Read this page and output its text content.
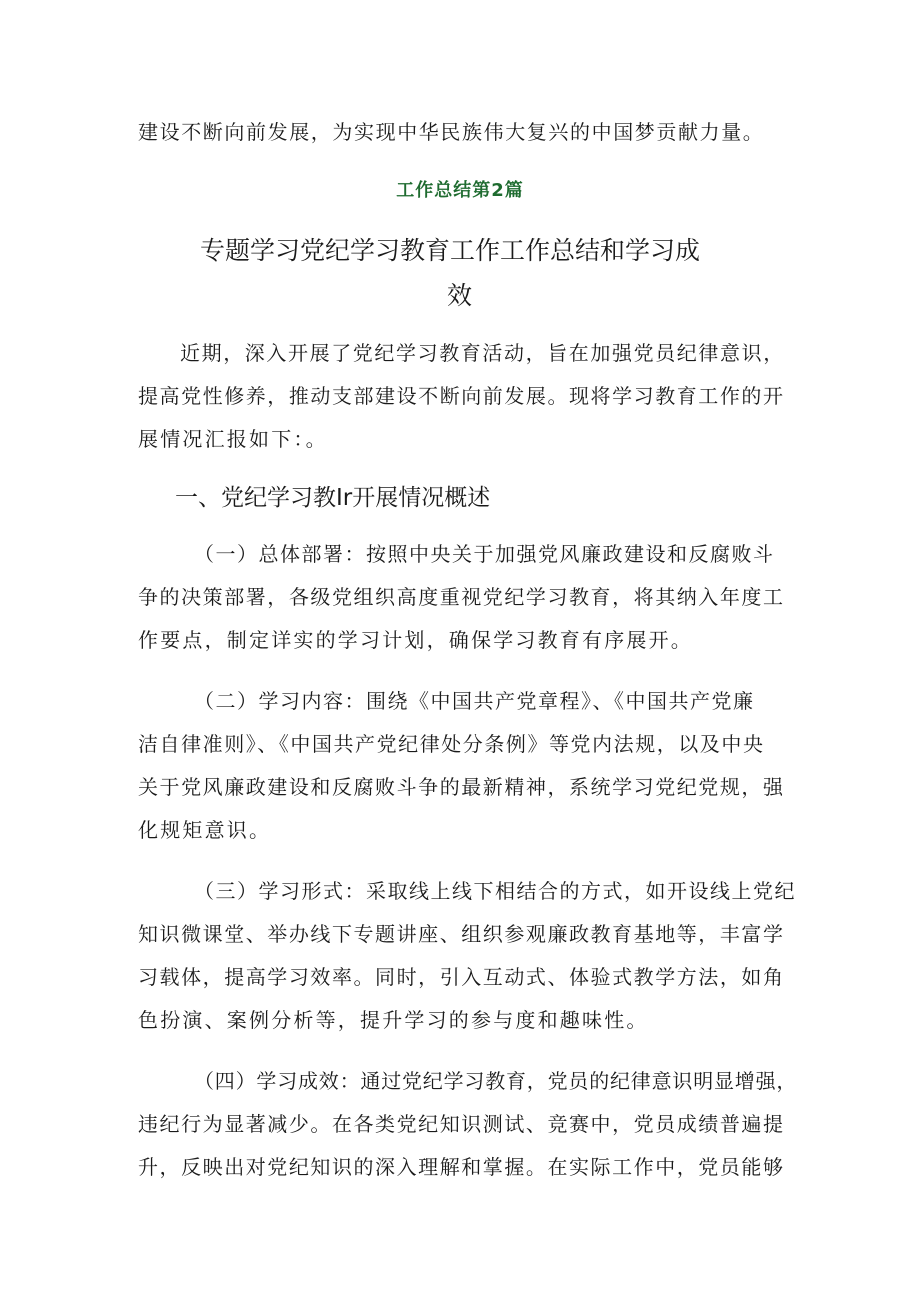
建设不断向前发展，为实现中华民族伟大复兴的中国梦贡献力量。
工作总结第2篇
专题学习党纪学习教育工作工作总结和学习成
效
近期，深入开展了党纪学习教育活动，旨在加强党员纪律意识，
提高党性修养，推动支部建设不断向前发展。现将学习教育工作的开
展情况汇报如下：。
一、党纪学习教Ir开展情况概述
（一）总体部署：按照中央关于加强党风廉政建设和反腐败斗
争的决策部署，各级党组织高度重视党纪学习教育，将其纳入年度工
作要点，制定详实的学习计划，确保学习教育有序展开。
（二）学习内容：围绕《中国共产党章程》、《中国共产党廉
洁自律准则》、《中国共产党纪律处分条例》等党内法规，以及中央
关于党风廉政建设和反腐败斗争的最新精神，系统学习党纪党规，强
化规矩意识。
（三）学习形式：采取线上线下相结合的方式，如开设线上党纪
知识微课堂、举办线下专题讲座、组织参观廉政教育基地等，丰富学
习载体，提高学习效率。同时，引入互动式、体验式教学方法，如角
色扮演、案例分析等，提升学习的参与度和趣味性。
（四）学习成效：通过党纪学习教育，党员的纪律意识明显增强，
违纪行为显著减少。在各类党纪知识测试、竞赛中，党员成绩普遍提
升，反映出对党纪知识的深入理解和掌握。在实际工作中，党员能够
